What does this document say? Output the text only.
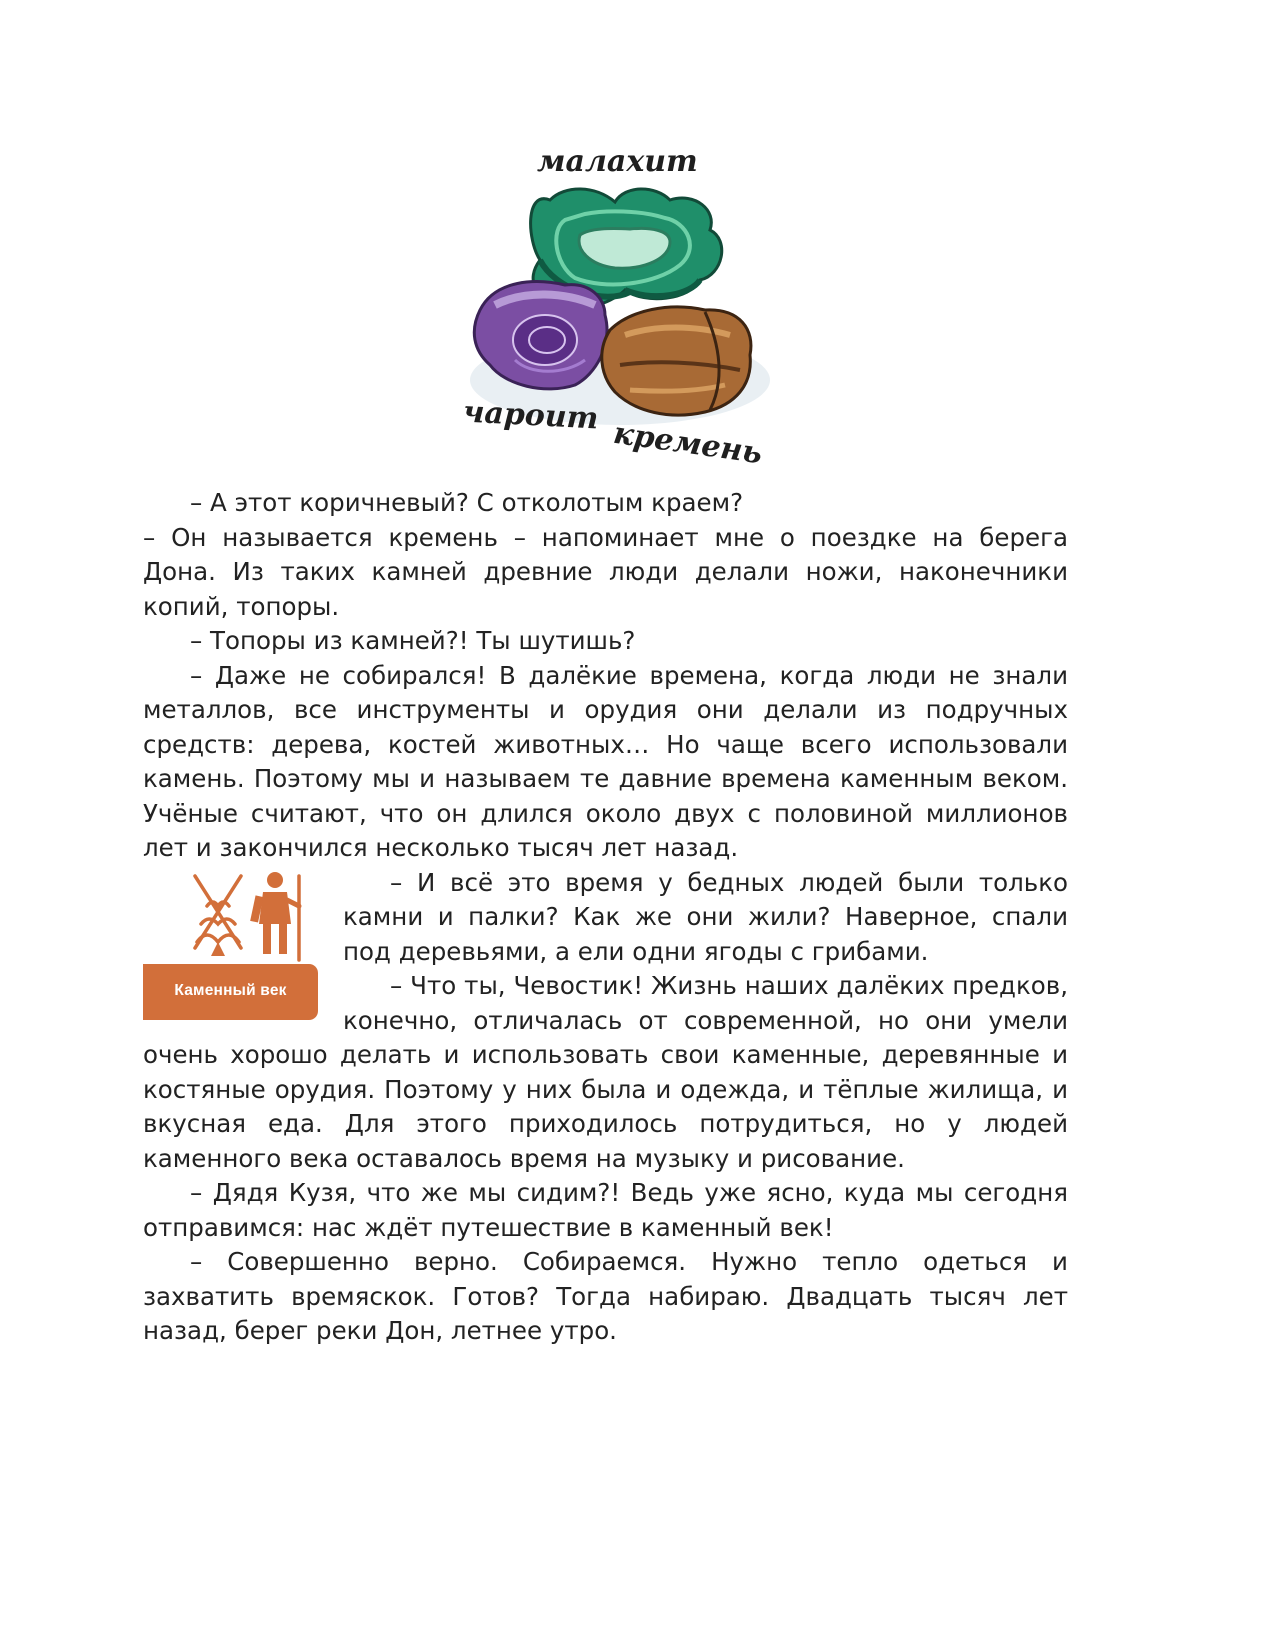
малахит
чароит
кремень

– А этот коричневый? С отколотым краем?

– Он называется кремень – напоминает мне о поездке на берега Дона. Из таких камней древние люди делали ножи, наконечники копий, топоры.

– Топоры из камней?! Ты шутишь?

– Даже не собирался! В далёкие времена, когда люди не знали металлов, все инструменты и орудия они делали из подручных средств: дерева, костей животных… Но чаще всего использовали камень. Поэтому мы и называем те давние времена каменным веком. Учёные считают, что он длился около двух с половиной миллионов лет и закончился несколько тысяч лет назад.

Каменный век

– И всё это время у бедных людей были только камни и палки? Как же они жили? Наверное, спали под деревьями, а ели одни ягоды с грибами.

– Что ты, Чевостик! Жизнь наших далёких предков, конечно, отличалась от современной, но они умели очень хорошо делать и использовать свои каменные, деревянные и костяные орудия. Поэтому у них была и одежда, и тёплые жилища, и вкусная еда. Для этого приходилось потрудиться, но у людей каменного века оставалось время на музыку и рисование.

– Дядя Кузя, что же мы сидим?! Ведь уже ясно, куда мы сегодня отправимся: нас ждёт путешествие в каменный век!

– Совершенно верно. Собираемся. Нужно тепло одеться и захватить времяскок. Готов? Тогда набираю. Двадцать тысяч лет назад, берег реки Дон, летнее утро.
